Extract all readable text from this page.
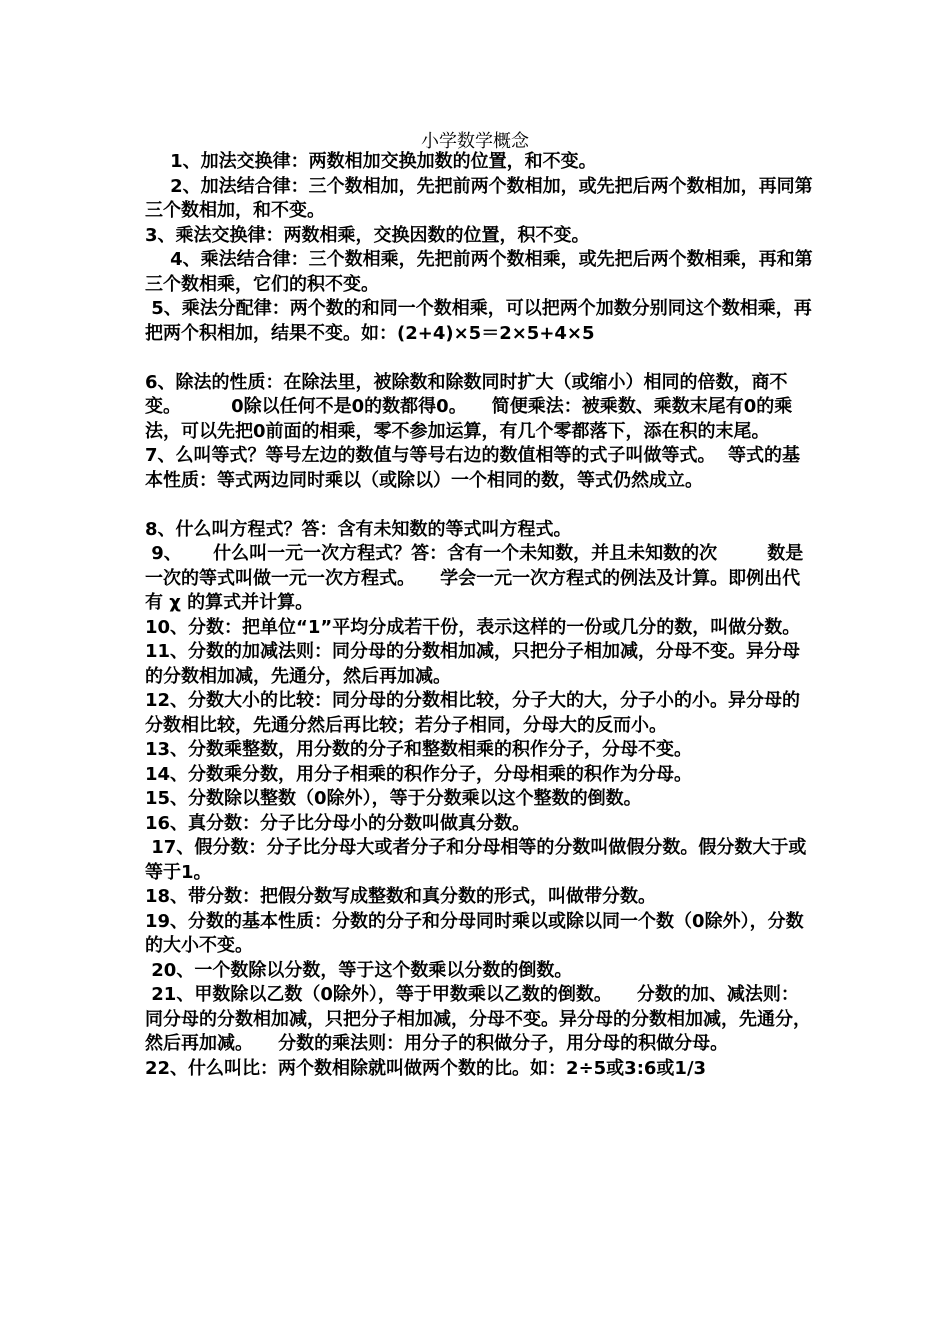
小学数学概念

1、加法交换律：两数相加交换加数的位置，和不变。

2、加法结合律：三个数相加，先把前两个数相加，或先把后两个数相加，再同第三个数相加，和不变。

3、乘法交换律：两数相乘，交换因数的位置，积不变。

4、乘法结合律：三个数相乘，先把前两个数相乘，或先把后两个数相乘，再和第三个数相乘，它们的积不变。

5、乘法分配律：两个数的和同一个数相乘，可以把两个加数分别同这个数相乘，再把两个积相加，结果不变。如：(2+4)×5＝2×5+4×5

6、除法的性质：在除法里，被除数和除数同时扩大（或缩小）相同的倍数，商不变。        0除以任何不是0的数都得0。    简便乘法：被乘数、乘数末尾有0的乘法，可以先把0前面的相乘，零不参加运算，有几个零都落下，添在积的末尾。

7、么叫等式？等号左边的数值与等号右边的数值相等的式子叫做等式。  等式的基本性质：等式两边同时乘以（或除以）一个相同的数，等式仍然成立。

8、什么叫方程式？答：含有未知数的等式叫方程式。

9、     什么叫一元一次方程式？答：含有一个未知数，并且未知数的次        数是一次的等式叫做一元一次方程式。    学会一元一次方程式的例法及计算。即例出代有 χ 的算式并计算。

10、分数：把单位“1”平均分成若干份，表示这样的一份或几分的数，叫做分数。

11、分数的加减法则：同分母的分数相加减，只把分子相加减，分母不变。异分母的分数相加减，先通分，然后再加减。

12、分数大小的比较：同分母的分数相比较，分子大的大，分子小的小。异分母的分数相比较，先通分然后再比较；若分子相同，分母大的反而小。

13、分数乘整数，用分数的分子和整数相乘的积作分子，分母不变。

14、分数乘分数，用分子相乘的积作分子，分母相乘的积作为分母。

15、分数除以整数（0除外），等于分数乘以这个整数的倒数。

16、真分数：分子比分母小的分数叫做真分数。

17、假分数：分子比分母大或者分子和分母相等的分数叫做假分数。假分数大于或等于1。

18、带分数：把假分数写成整数和真分数的形式，叫做带分数。

19、分数的基本性质：分数的分子和分母同时乘以或除以同一个数（0除外），分数的大小不变。

20、一个数除以分数，等于这个数乘以分数的倒数。

21、甲数除以乙数（0除外），等于甲数乘以乙数的倒数。    分数的加、减法则：同分母的分数相加减，只把分子相加减，分母不变。异分母的分数相加减，先通分，然后再加减。    分数的乘法则：用分子的积做分子，用分母的积做分母。

22、什么叫比：两个数相除就叫做两个数的比。如：2÷5或3:6或1/3
